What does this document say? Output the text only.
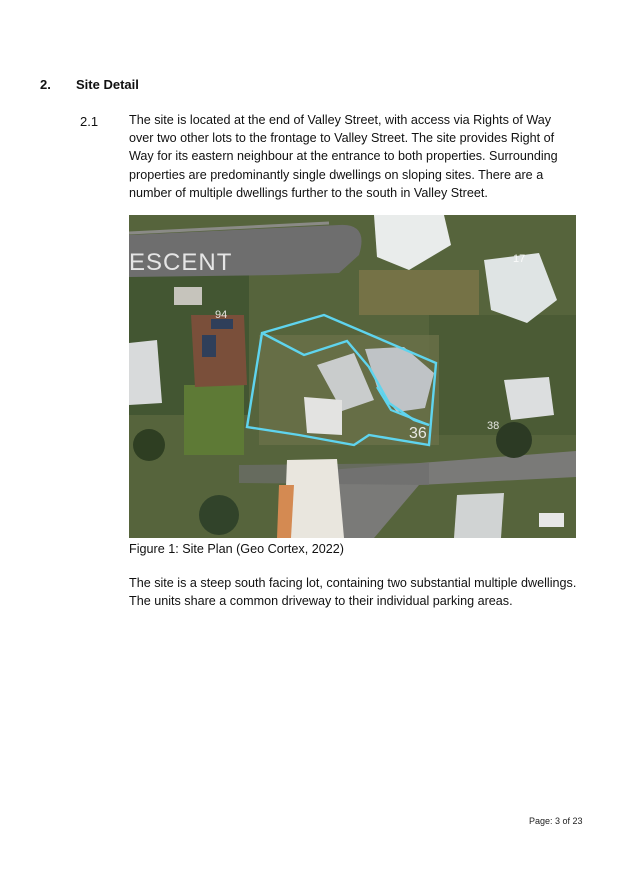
2. Site Detail
2.1 The site is located at the end of Valley Street, with access via Rights of Way over two other lots to the frontage to Valley Street. The site provides Right of Way for its eastern neighbour at the entrance to both properties. Surrounding properties are predominantly single dwellings on sloping sites. There are a number of multiple dwellings further to the south in Valley Street.
ESCENT
94
17
36	38
Figure 1: Site Plan (Geo Cortex, 2022)
The site is a steep south facing lot, containing two substantial multiple dwellings. The units share a common driveway to their individual parking areas.
Page: 3 of 23
